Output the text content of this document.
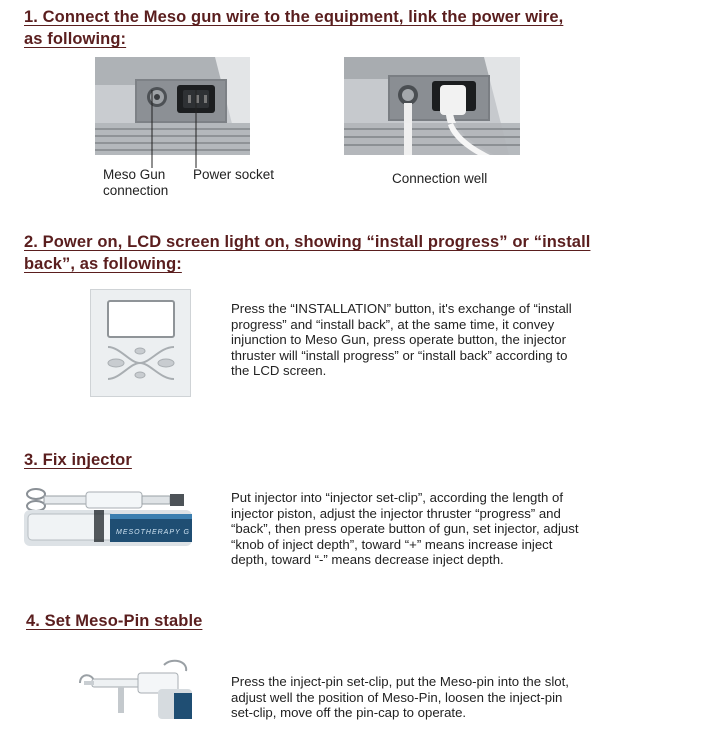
1. Connect the Meso gun wire to the equipment, link the power wire,
as following:
Meso Gun
connection
Power socket	Connection well
2. Power on, LCD screen light on, showing “install progress” or “install
back”, as following:
Press the “INSTALLATION” button, it's exchange of “install
progress” and “install back”, at the same time, it convey
injunction to Meso Gun, press operate button, the injector
thruster will “install progress” or “install back” according to
the LCD screen.
3. Fix injector
MESOTHERAPY G
Put injector into “injector set-clip”, according the length of
injector piston, adjust the injector thruster “progress” and
“back”, then press operate button of gun, set injector, adjust
“knob of inject depth”, toward “+” means increase inject
depth, toward “-” means decrease inject depth.
4. Set Meso-Pin stable
Press the inject-pin set-clip, put the Meso-pin into the slot,
adjust well the position of Meso-Pin, loosen the inject-pin
set-clip, move off the pin-cap to operate.
